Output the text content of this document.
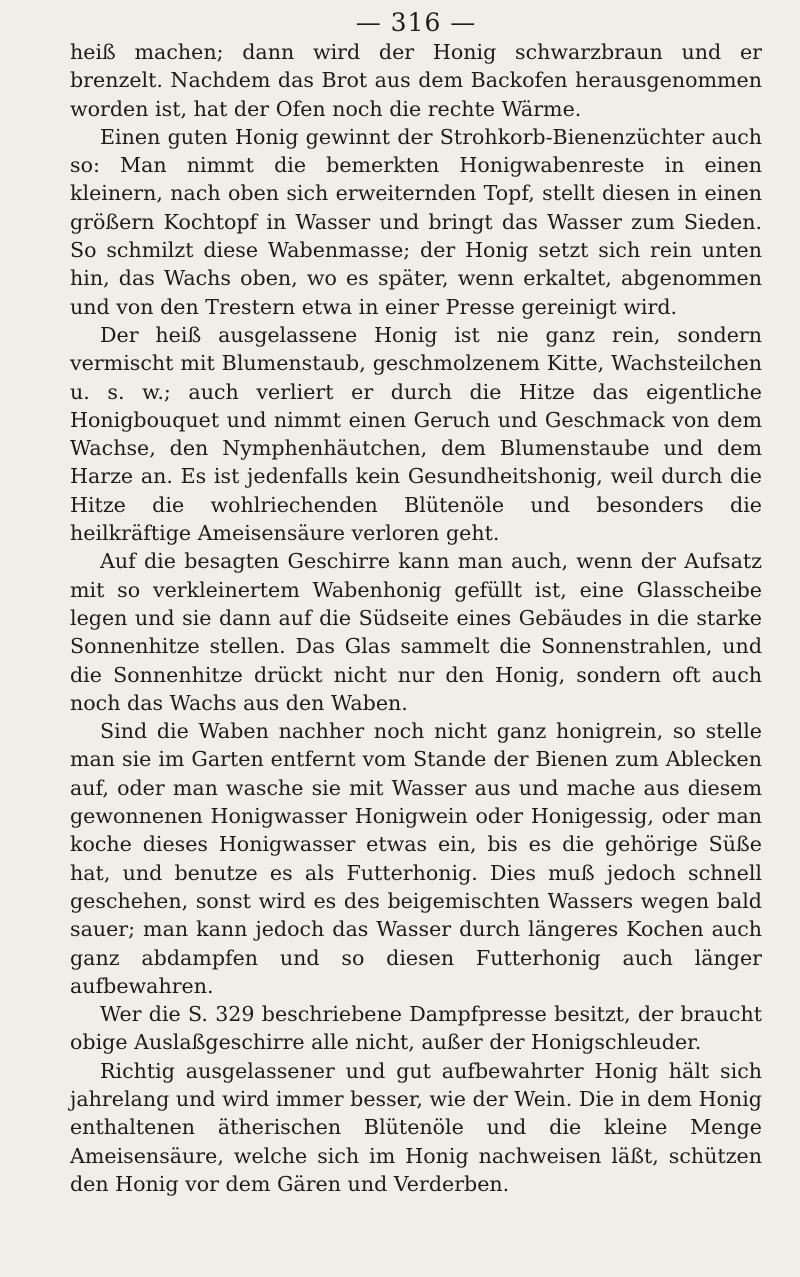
— 316 —

heiß machen; dann wird der Honig schwarzbraun und er brenzelt. Nachdem das Brot aus dem Backofen herausgenommen worden ist, hat der Ofen noch die rechte Wärme.

Einen guten Honig gewinnt der Strohkorb-Bienenzüchter auch so: Man nimmt die bemerkten Honigwabenreste in einen kleinern, nach oben sich erweiternden Topf, stellt diesen in einen größern Kochtopf in Wasser und bringt das Wasser zum Sieden. So schmilzt diese Wabenmasse; der Honig setzt sich rein unten hin, das Wachs oben, wo es später, wenn erkaltet, abgenommen und von den Trestern etwa in einer Presse gereinigt wird.

Der heiß ausgelassene Honig ist nie ganz rein, sondern vermischt mit Blumenstaub, geschmolzenem Kitte, Wachsteilchen u. s. w.; auch verliert er durch die Hitze das eigentliche Honigbouquet und nimmt einen Geruch und Geschmack von dem Wachse, den Nymphenhäutchen, dem Blumenstaube und dem Harze an. Es ist jedenfalls kein Gesundheitshonig, weil durch die Hitze die wohlriechenden Blütenöle und besonders die heilkräftige Ameisensäure verloren geht.

Auf die besagten Geschirre kann man auch, wenn der Aufsatz mit so verkleinertem Wabenhonig gefüllt ist, eine Glasscheibe legen und sie dann auf die Südseite eines Gebäudes in die starke Sonnenhitze stellen. Das Glas sammelt die Sonnenstrahlen, und die Sonnenhitze drückt nicht nur den Honig, sondern oft auch noch das Wachs aus den Waben.

Sind die Waben nachher noch nicht ganz honigrein, so stelle man sie im Garten entfernt vom Stande der Bienen zum Ablecken auf, oder man wasche sie mit Wasser aus und mache aus diesem gewonnenen Honigwasser Honigwein oder Honigessig, oder man koche dieses Honigwasser etwas ein, bis es die gehörige Süße hat, und benutze es als Futterhonig. Dies muß jedoch schnell geschehen, sonst wird es des beigemischten Wassers wegen bald sauer; man kann jedoch das Wasser durch längeres Kochen auch ganz abdampfen und so diesen Futterhonig auch länger aufbewahren.

Wer die S. 329 beschriebene Dampfpresse besitzt, der braucht obige Auslaßgeschirre alle nicht, außer der Honigschleuder.

Richtig ausgelassener und gut aufbewahrter Honig hält sich jahrelang und wird immer besser, wie der Wein. Die in dem Honig enthaltenen ätherischen Blütenöle und die kleine Menge Ameisensäure, welche sich im Honig nachweisen läßt, schützen den Honig vor dem Gären und Verderben.
